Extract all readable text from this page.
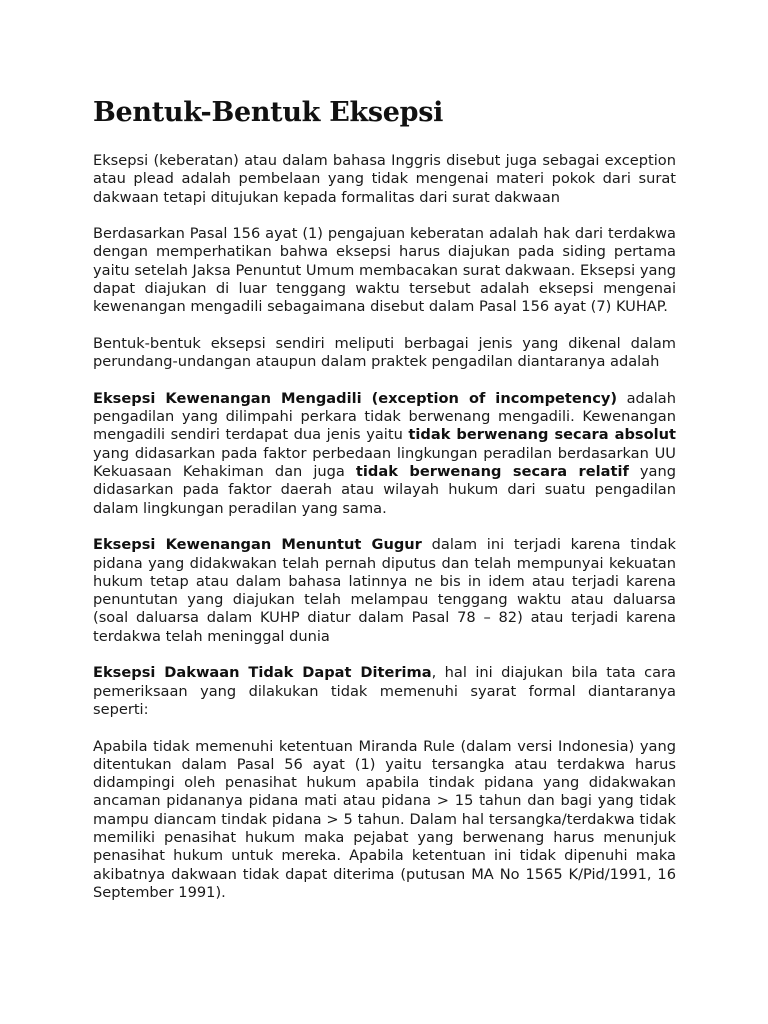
Bentuk-Bentuk Eksepsi

Eksepsi (keberatan) atau dalam bahasa Inggris disebut juga sebagai exception atau plead adalah pembelaan yang tidak mengenai materi pokok dari surat dakwaan tetapi ditujukan kepada formalitas dari surat dakwaan

Berdasarkan Pasal 156 ayat (1) pengajuan keberatan adalah hak dari terdakwa dengan memperhatikan bahwa eksepsi harus diajukan pada siding pertama yaitu setelah Jaksa Penuntut Umum membacakan surat dakwaan. Eksepsi yang dapat diajukan di luar tenggang waktu tersebut adalah eksepsi mengenai kewenangan mengadili sebagaimana disebut dalam Pasal 156 ayat (7) KUHAP.

Bentuk-bentuk eksepsi sendiri meliputi berbagai jenis yang dikenal dalam perundang-undangan ataupun dalam praktek pengadilan diantaranya adalah

Eksepsi Kewenangan Mengadili (exception of incompetency) adalah pengadilan yang dilimpahi perkara tidak berwenang mengadili. Kewenangan mengadili sendiri terdapat dua jenis yaitu tidak berwenang secara absolut yang didasarkan pada faktor perbedaan lingkungan peradilan berdasarkan UU Kekuasaan Kehakiman dan juga tidak berwenang secara relatif yang didasarkan pada faktor daerah atau wilayah hukum dari suatu pengadilan dalam lingkungan peradilan yang sama.

Eksepsi Kewenangan Menuntut Gugur dalam ini terjadi karena tindak pidana yang didakwakan telah pernah diputus dan telah mempunyai kekuatan hukum tetap atau dalam bahasa latinnya ne bis in idem atau terjadi karena penuntutan yang diajukan telah melampau tenggang waktu atau daluarsa (soal daluarsa dalam KUHP diatur dalam Pasal 78 – 82) atau terjadi karena terdakwa telah meninggal dunia

Eksepsi Dakwaan Tidak Dapat Diterima, hal ini diajukan bila tata cara pemeriksaan yang dilakukan tidak memenuhi syarat formal diantaranya seperti:

Apabila tidak memenuhi ketentuan Miranda Rule (dalam versi Indonesia) yang ditentukan dalam Pasal 56 ayat (1) yaitu tersangka atau terdakwa harus didampingi oleh penasihat hukum apabila tindak pidana yang didakwakan ancaman pidananya pidana mati atau pidana > 15 tahun dan bagi yang tidak mampu diancam tindak pidana > 5 tahun. Dalam hal tersangka/terdakwa tidak memiliki penasihat hukum maka pejabat yang berwenang harus menunjuk penasihat hukum untuk mereka. Apabila ketentuan ini tidak dipenuhi maka akibatnya dakwaan tidak dapat diterima (putusan MA No 1565 K/Pid/1991, 16 September 1991).
